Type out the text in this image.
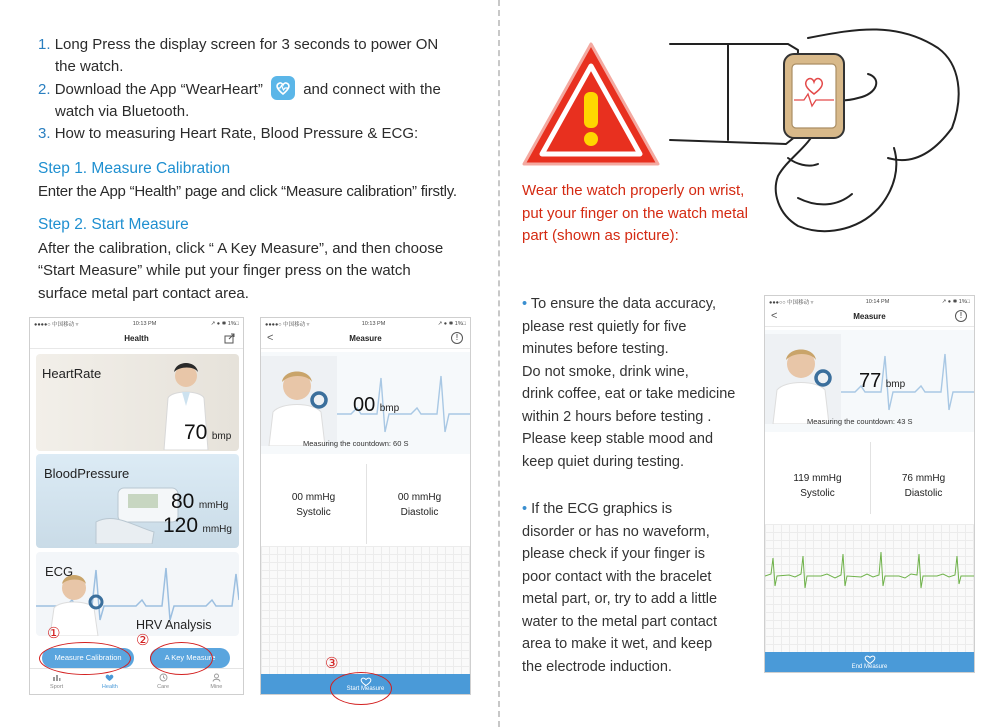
1. Long Press the display screen for 3 seconds to power ON
the watch.
2. Download the App “WearHeart”	and connect with the
watch via Bluetooth.
3. How to measuring Heart Rate, Blood Pressure & ECG:
Step 1. Measure Calibration
Enter the App “Health” page and click “Measure calibration” firstly.
Step 2. Start Measure
After the calibration, click “ A Key Measure”, and then choose
“Start Measure” while put your finger press on the watch
surface metal part contact area.
●●●●○ 中国移动 ▿	10:13 PM	↗ ● ✱ 1%□
Health
HeartRate
70 bmp
BloodPressure
80 mmHg
120 mmHg
ECG
HRV Analysis
Measure Calibration	A Key Measure
Sport	Health	Care	Mine
①	②
●●●●○ 中国移动 ▿	10:13 PM	↗ ● ✱ 1%□
<	Measure	!
00 bmp
Measuring the countdown: 60 S
00 mmHg
Systolic
00 mmHg
Diastolic
Start Measure
③
Wear the watch properly on wrist,
put your finger on the watch metal
part (shown as picture):
• To ensure the data accuracy,
please rest quietly for five
minutes before testing.
Do not smoke, drink wine,
drink coffee, eat or take medicine
within 2 hours before testing .
Please keep stable mood and
keep quiet during testing.
• If the ECG graphics is
disorder or has no waveform,
please check if your finger is
poor contact with the bracelet
metal part, or, try to add a little
water to the metal part contact
area to make it wet, and keep
the electrode induction.
●●●○○ 中国移动 ▿	10:14 PM	↗ ● ✱ 1%□
<	Measure	!
77 bmp
Measuring the countdown: 43 S
119 mmHg
Systolic
76 mmHg
Diastolic
End Measure
